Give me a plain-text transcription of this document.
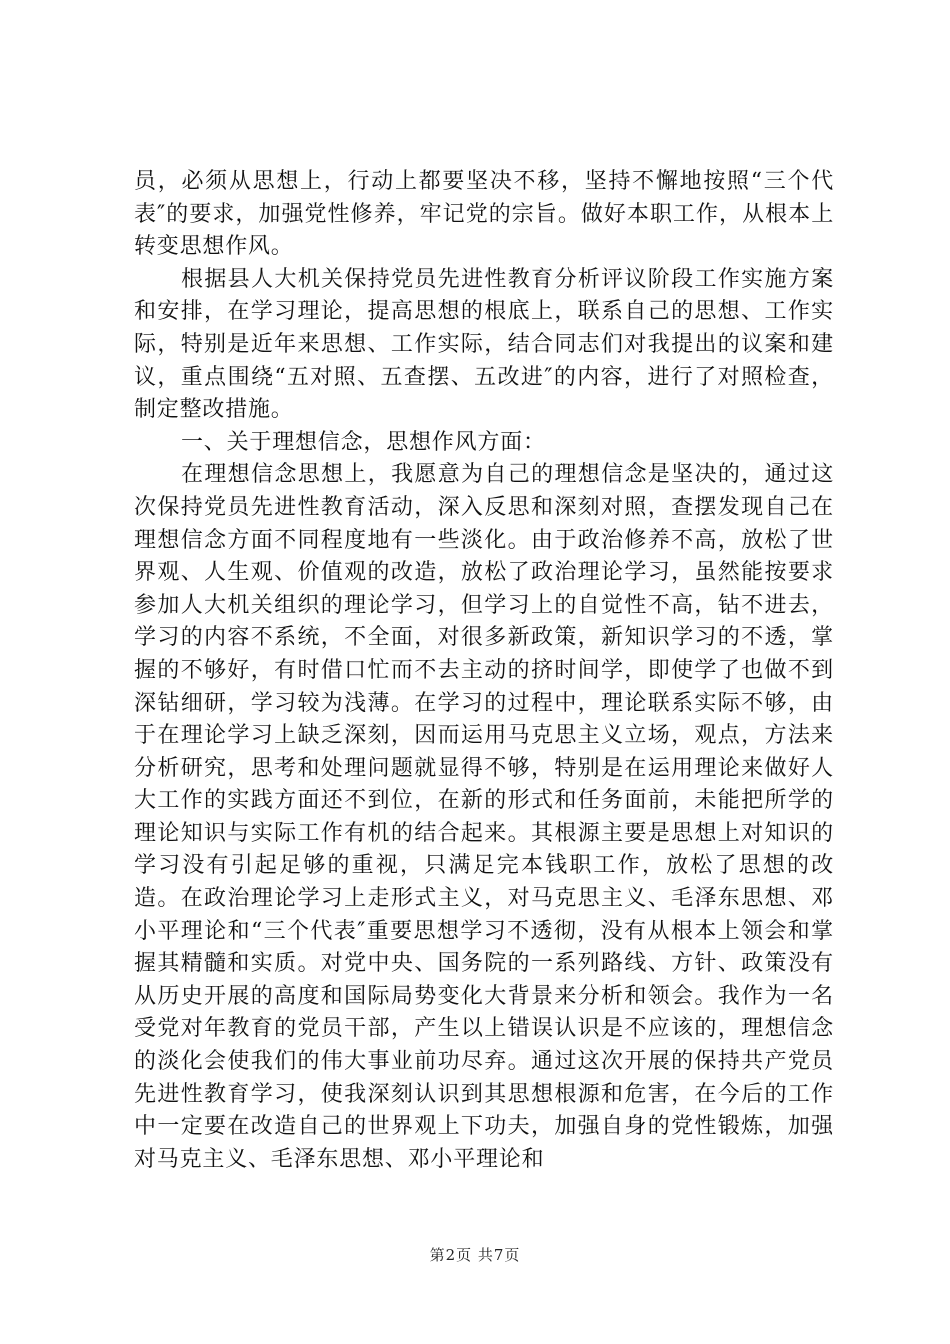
员，必须从思想上，行动上都要坚决不移，坚持不懈地按照“三个代表″的要求，加强党性修养，牢记党的宗旨。做好本职工作，从根本上转变思想作风。

根据县人大机关保持党员先进性教育分析评议阶段工作实施方案和安排，在学习理论，提高思想的根底上，联系自己的思想、工作实际，特别是近年来思想、工作实际，结合同志们对我提出的议案和建议，重点围绕“五对照、五查摆、五改进″的内容，进行了对照检查，制定整改措施。

一、关于理想信念，思想作风方面：

在理想信念思想上，我愿意为自己的理想信念是坚决的，通过这次保持党员先进性教育活动，深入反思和深刻对照，查摆发现自己在理想信念方面不同程度地有一些淡化。由于政治修养不高，放松了世界观、人生观、价值观的改造，放松了政治理论学习，虽然能按要求参加人大机关组织的理论学习，但学习上的自觉性不高，钻不进去，学习的内容不系统，不全面，对很多新政策，新知识学习的不透，掌握的不够好，有时借口忙而不去主动的挤时间学，即使学了也做不到深钻细研，学习较为浅薄。在学习的过程中，理论联系实际不够，由于在理论学习上缺乏深刻，因而运用马克思主义立场，观点，方法来分析研究，思考和处理问题就显得不够，特别是在运用理论来做好人大工作的实践方面还不到位，在新的形式和任务面前，未能把所学的理论知识与实际工作有机的结合起来。其根源主要是思想上对知识的学习没有引起足够的重视，只满足完本钱职工作，放松了思想的改造。在政治理论学习上走形式主义，对马克思主义、毛泽东思想、邓小平理论和“三个代表″重要思想学习不透彻，没有从根本上领会和掌握其精髓和实质。对党中央、国务院的一系列路线、方针、政策没有从历史开展的高度和国际局势变化大背景来分析和领会。我作为一名受党对年教育的党员干部，产生以上错误认识是不应该的，理想信念的淡化会使我们的伟大事业前功尽弃。通过这次开展的保持共产党员先进性教育学习，使我深刻认识到其思想根源和危害，在今后的工作中一定要在改造自己的世界观上下功夫，加强自身的党性锻炼，加强对马克主义、毛泽东思想、邓小平理论和

第2页 共7页
